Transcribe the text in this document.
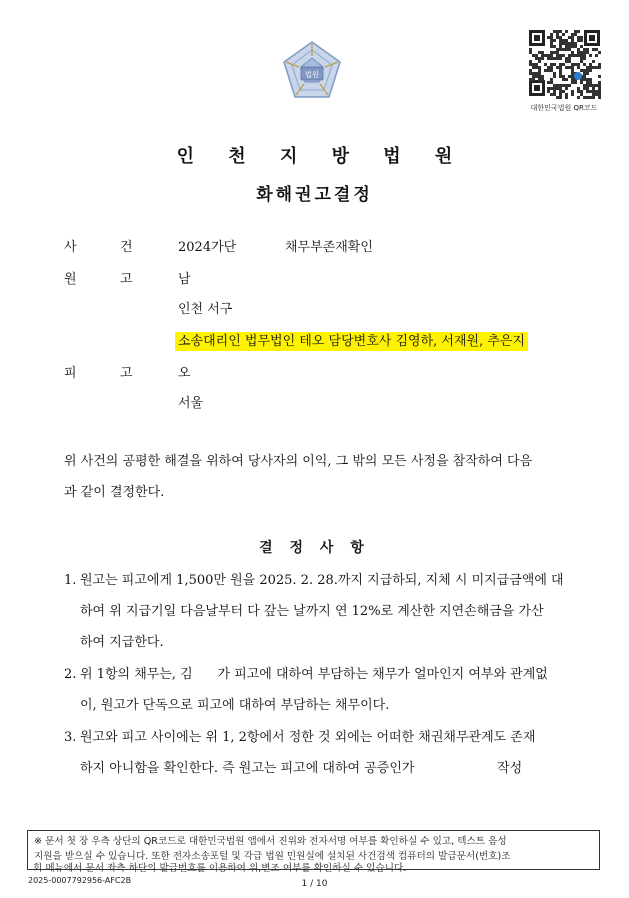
법원
대한민국법원 QR코드
인 천 지 방 법 원
화해권고결정
사	건	2024가단	채무부존재확인
원	고	남
인천 서구
소송대리인 법무법인 테오 담당변호사 김영하, 서재원, 추은지
피	고	오
서울
위 사건의 공평한 해결을 위하여 당사자의 이익, 그 밖의 모든 사정을 참작하여 다음
과 같이 결정한다.
결 정 사 항
1. 원고는 피고에게 1,500만 원을 2025. 2. 28.까지 지급하되, 지체 시 미지급금액에 대
하여 위 지급기일 다음날부터 다 갚는 날까지 연 12%로 계산한 지연손해금을 가산
하여 지급한다.
2. 위 1항의 채무는, 김      가 피고에 대하여 부담하는 채무가 얼마인지 여부와 관계없
이, 원고가 단독으로 피고에 대하여 부담하는 채무이다.
3. 원고와 피고 사이에는 위 1, 2항에서 정한 것 외에는 어떠한 채권채무관계도 존재
하지 아니함을 확인한다. 즉 원고는 피고에 대하여 공증인가                    작성
※ 문서 첫 장 우측 상단의 QR코드로 대한민국법원 앱에서 진위와 전자서명 여부를 확인하실 수 있고, 텍스트 음성
지원을 받으실 수 있습니다. 또한 전자소송포털 및 각급 법원 민원실에 설치된 사건검색 컴퓨터의 발급문서(번호)조
회 메뉴에서 문서 좌측 하단의 발급번호를 이용하여 위,변조 여부를 확인하실 수 있습니다.
2025-0007792956-AFC2B	1 / 10
